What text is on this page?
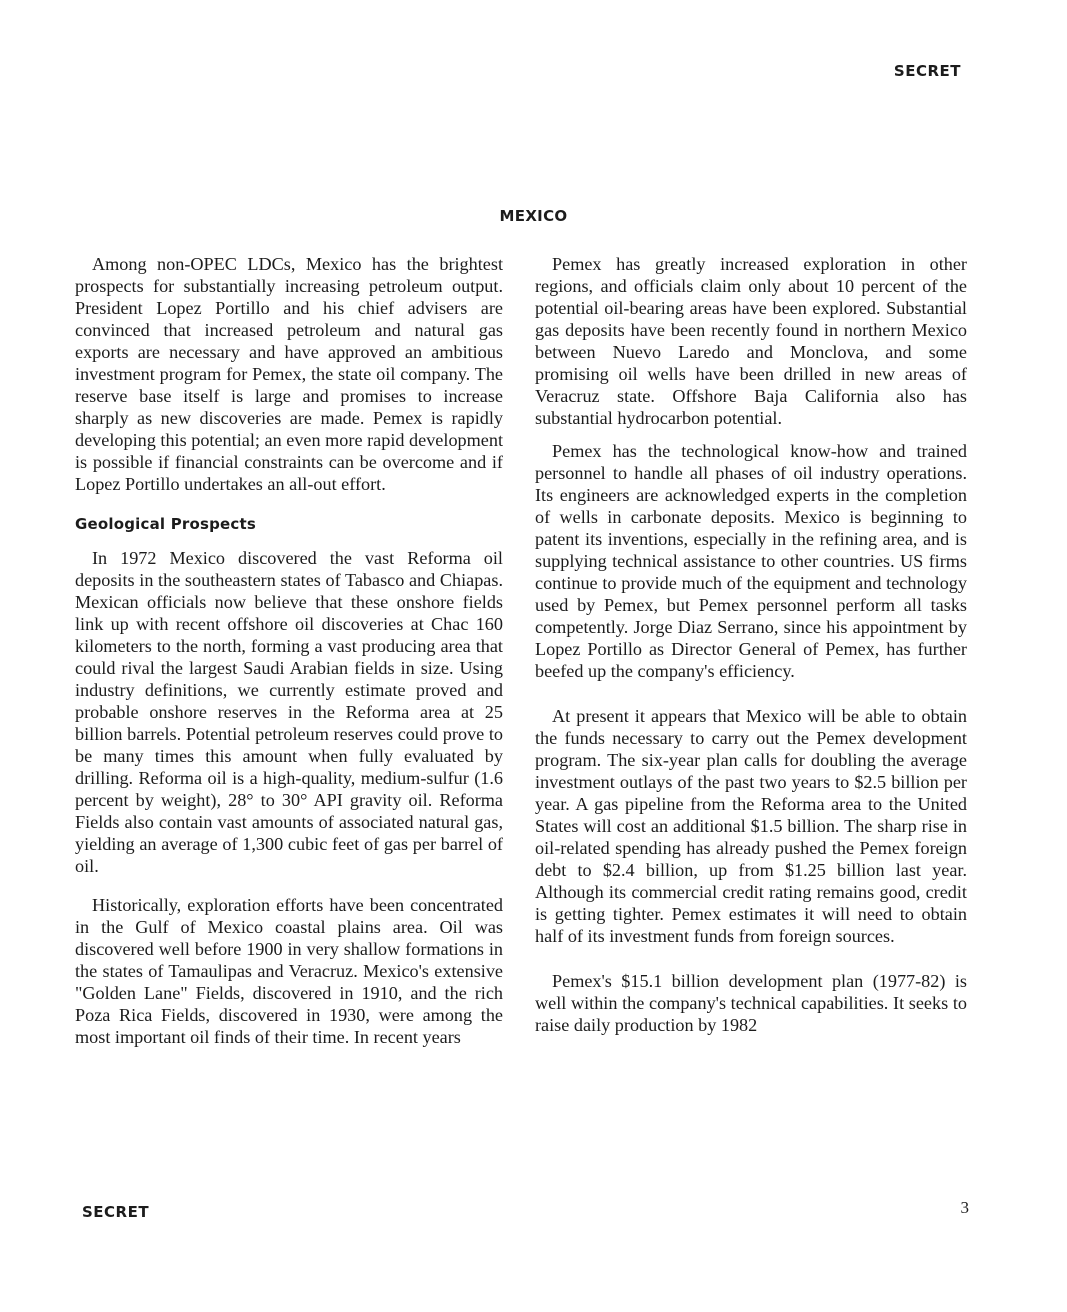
SECRET
MEXICO

Among non-OPEC LDCs, Mexico has the brightest prospects for substantially increasing petroleum output. President Lopez Portillo and his chief advisers are convinced that increased petroleum and natural gas exports are necessary and have approved an ambitious investment program for Pemex, the state oil company. The reserve base itself is large and promises to increase sharply as new discoveries are made. Pemex is rapidly developing this potential; an even more rapid development is possible if financial constraints can be overcome and if Lopez Portillo undertakes an all-out effort.

Geological Prospects

In 1972 Mexico discovered the vast Reforma oil deposits in the southeastern states of Tabasco and Chiapas. Mexican officials now believe that these onshore fields link up with recent offshore oil discoveries at Chac 160 kilometers to the north, forming a vast producing area that could rival the largest Saudi Arabian fields in size. Using industry definitions, we currently estimate proved and probable onshore reserves in the Reforma area at 25 billion barrels. Potential petroleum reserves could prove to be many times this amount when fully evaluated by drilling. Reforma oil is a high-quality, medium-sulfur (1.6 percent by weight), 28° to 30° API gravity oil. Reforma Fields also contain vast amounts of associated natural gas, yielding an average of 1,300 cubic feet of gas per barrel of oil.

Historically, exploration efforts have been concentrated in the Gulf of Mexico coastal plains area. Oil was discovered well before 1900 in very shallow formations in the states of Tamaulipas and Veracruz. Mexico's extensive "Golden Lane" Fields, discovered in 1910, and the rich Poza Rica Fields, discovered in 1930, were among the most important oil finds of their time. In recent years

Pemex has greatly increased exploration in other regions, and officials claim only about 10 percent of the potential oil-bearing areas have been explored. Substantial gas deposits have been recently found in northern Mexico between Nuevo Laredo and Monclova, and some promising oil wells have been drilled in new areas of Veracruz state. Offshore Baja California also has substantial hydrocarbon potential.

Pemex has the technological know-how and trained personnel to handle all phases of oil industry operations. Its engineers are acknowledged experts in the completion of wells in carbonate deposits. Mexico is beginning to patent its inventions, especially in the refining area, and is supplying technical assistance to other countries. US firms continue to provide much of the equipment and technology used by Pemex, but Pemex personnel perform all tasks competently. Jorge Diaz Serrano, since his appointment by Lopez Portillo as Director General of Pemex, has further beefed up the company's efficiency.

At present it appears that Mexico will be able to obtain the funds necessary to carry out the Pemex development program. The six-year plan calls for doubling the average investment outlays of the past two years to $2.5 billion per year. A gas pipeline from the Reforma area to the United States will cost an additional $1.5 billion. The sharp rise in oil-related spending has already pushed the Pemex foreign debt to $2.4 billion, up from $1.25 billion last year. Although its commercial credit rating remains good, credit is getting tighter. Pemex estimates it will need to obtain half of its investment funds from foreign sources.

Pemex's $15.1 billion development plan (1977-82) is well within the company's technical capabilities. It seeks to raise daily production by 1982

SECRET	3
